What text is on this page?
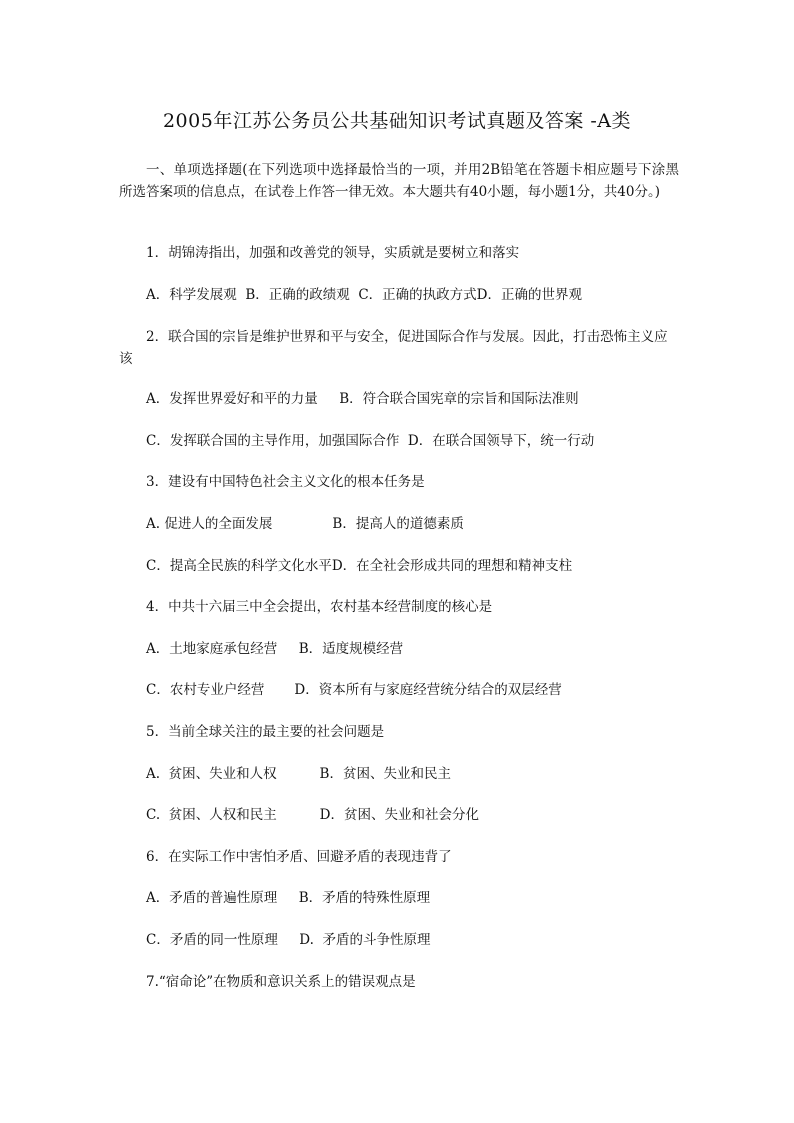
2005年江苏公务员公共基础知识考试真题及答案 -A类
一、单项选择题(在下列选项中选择最恰当的一项，并用2B铅笔在答题卡相应题号下涂黑所选答案项的信息点，在试卷上作答一律无效。本大题共有40小题，每小题1分，共40分。)
1．胡锦涛指出，加强和改善党的领导，实质就是要树立和落实
A．科学发展观  B．正确的政绩观  C．正确的执政方式D．正确的世界观
2．联合国的宗旨是维护世界和平与安全，促进国际合作与发展。因此，打击恐怖主义应该
A．发挥世界爱好和平的力量     B．符合联合国宪章的宗旨和国际法准则
C．发挥联合国的主导作用，加强国际合作  D．在联合国领导下，统一行动
3．建设有中国特色社会主义文化的根本任务是
A. 促进人的全面发展              B．提高人的道德素质
C．提高全民族的科学文化水平D．在全社会形成共同的理想和精神支柱
4．中共十六届三中全会提出，农村基本经营制度的核心是
A．土地家庭承包经营     B．适度规模经营
C．农村专业户经营       D．资本所有与家庭经营统分结合的双层经营
5．当前全球关注的最主要的社会问题是
A.  贫困、失业和人权          B．贫困、失业和民主
C.  贫困、人权和民主          D．贫困、失业和社会分化
6．在实际工作中害怕矛盾、回避矛盾的表现违背了
A．矛盾的普遍性原理     B．矛盾的特殊性原理
C．矛盾的同一性原理     D.  矛盾的斗争性原理
7.“宿命论”在物质和意识关系上的错误观点是
